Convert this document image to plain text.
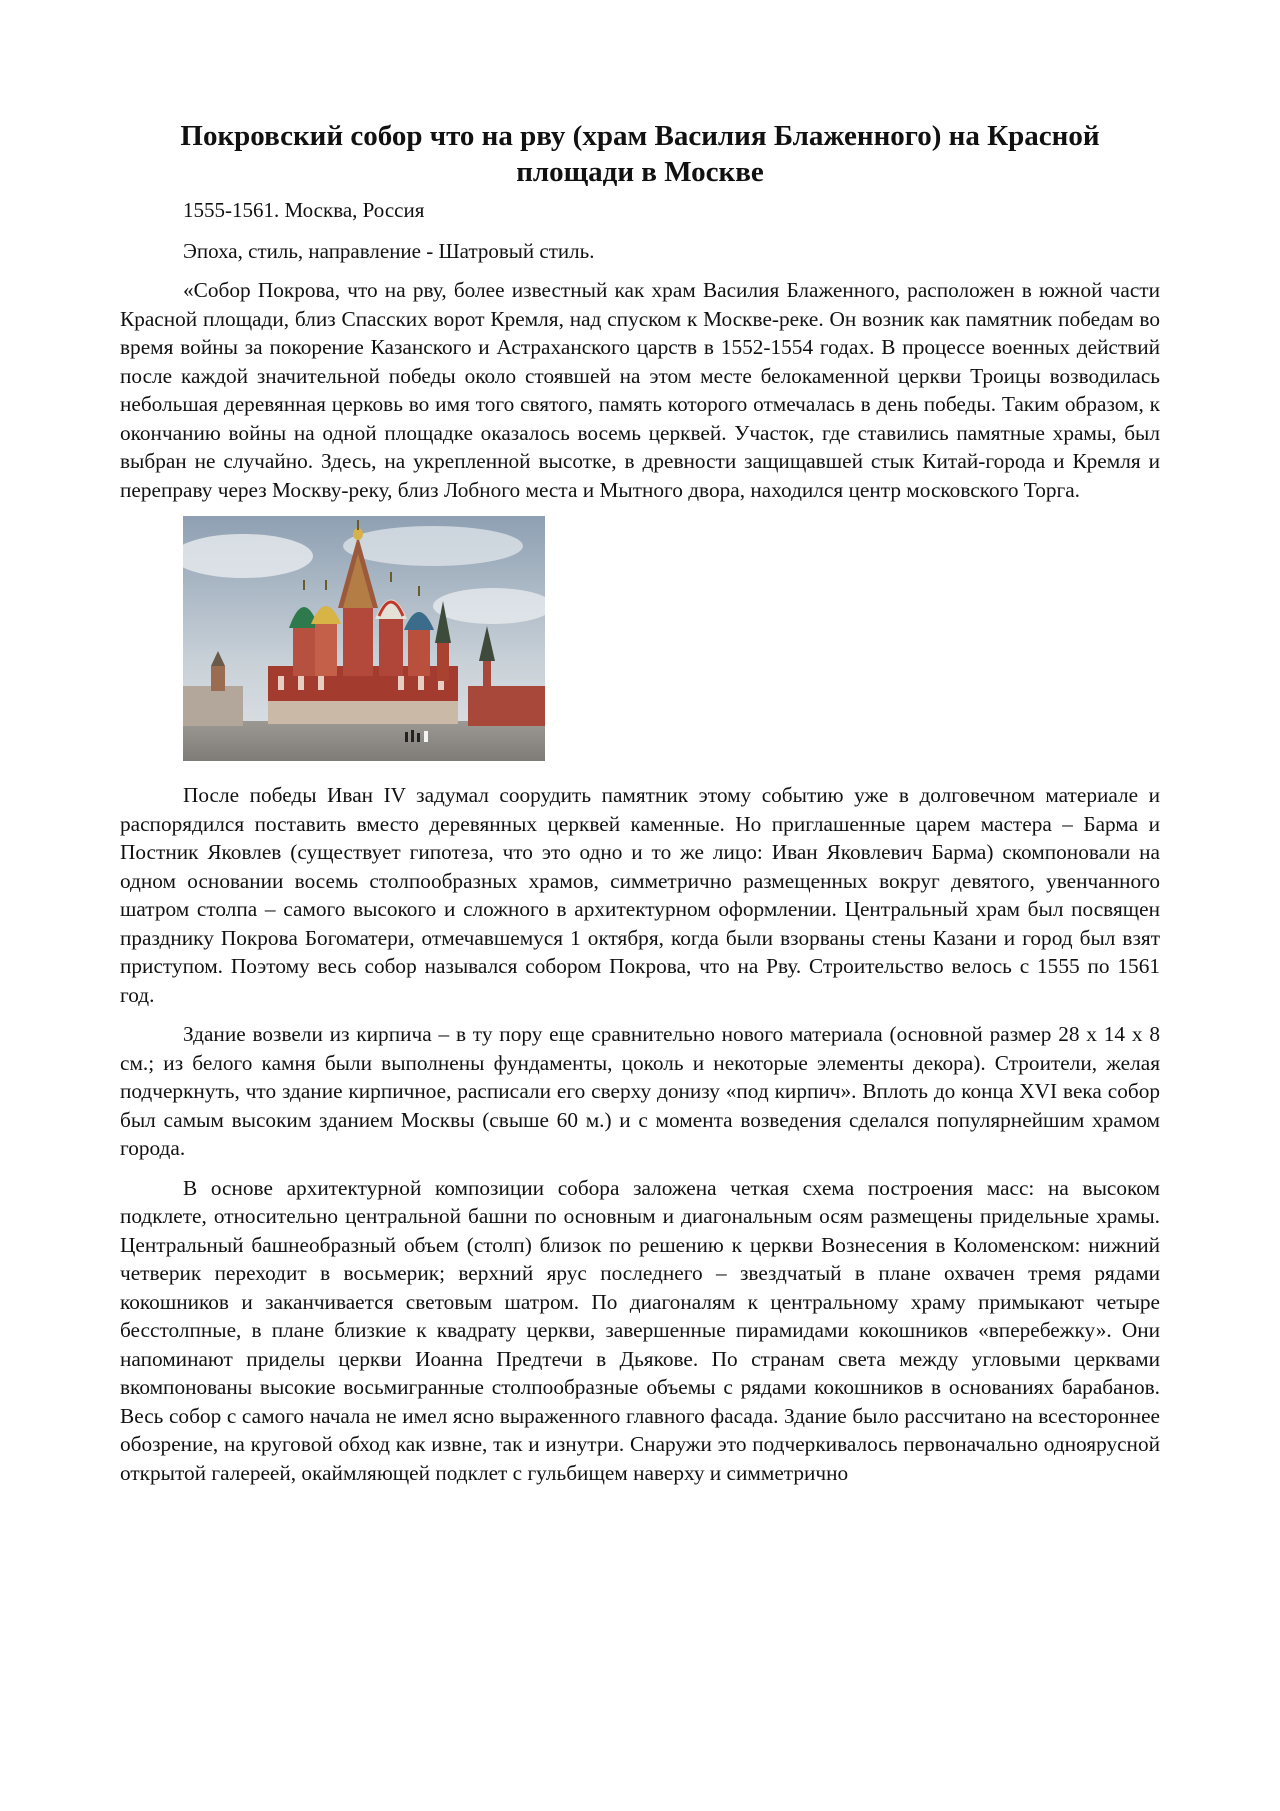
Покровский собор что на рву (храм Василия Блаженного) на Красной площади в Москве

1555-1561. Москва, Россия

Эпоха, стиль, направление - Шатровый стиль.

«Собор Покрова, что на рву, более известный как храм Василия Блаженного, расположен в южной части Красной площади, близ Спасских ворот Кремля, над спуском к Москве-реке. Он возник как памятник победам во время войны за покорение Казанского и Астраханского царств в 1552-1554 годах. В процессе военных действий после каждой значительной победы около стоявшей на этом месте белокаменной церкви Троицы возводилась небольшая деревянная церковь во имя того святого, память которого отмечалась в день победы. Таким образом, к окончанию войны на одной площадке оказалось восемь церквей. Участок, где ставились памятные храмы, был выбран не случайно. Здесь, на укрепленной высотке, в древности защищавшей стык Китай-города и Кремля и переправу через Москву-реку, близ Лобного места и Мытного двора, находился центр московского Торга.

После победы Иван IV задумал соорудить памятник этому событию уже в долговечном материале и распорядился поставить вместо деревянных церквей каменные. Но приглашенные царем мастера – Барма и Постник Яковлев (существует гипотеза, что это одно и то же лицо: Иван Яковлевич Барма) скомпоновали на одном основании восемь столпообразных храмов, симметрично размещенных вокруг девятого, увенчанного шатром столпа – самого высокого и сложного в архитектурном оформлении. Центральный храм был посвящен празднику Покрова Богоматери, отмечавшемуся 1 октября, когда были взорваны стены Казани и город был взят приступом. Поэтому весь собор назывался собором Покрова, что на Рву. Строительство велось с 1555 по 1561 год.

Здание возвели из кирпича – в ту пору еще сравнительно нового материала (основной размер 28 х 14 х 8 см.; из белого камня были выполнены фундаменты, цоколь и некоторые элементы декора). Строители, желая подчеркнуть, что здание кирпичное, расписали его сверху донизу «под кирпич». Вплоть до конца XVI века собор был самым высоким зданием Москвы (свыше 60 м.) и с момента возведения сделался популярнейшим храмом города.

В основе архитектурной композиции собора заложена четкая схема построения масс: на высоком подклете, относительно центральной башни по основным и диагональным осям размещены придельные храмы. Центральный башнеобразный объем (столп) близок по решению к церкви Вознесения в Коломенском: нижний четверик переходит в восьмерик; верхний ярус последнего – звездчатый в плане охвачен тремя рядами кокошников и заканчивается световым шатром. По диагоналям к центральному храму примыкают четыре бесстолпные, в плане близкие к квадрату церкви, завершенные пирамидами кокошников «вперебежку». Они напоминают приделы церкви Иоанна Предтечи в Дьякове. По странам света между угловыми церквами вкомпонованы высокие восьмигранные столпообразные объемы с рядами кокошников в основаниях барабанов. Весь собор с самого начала не имел ясно выраженного главного фасада. Здание было рассчитано на всестороннее обозрение, на круговой обход как извне, так и изнутри. Снаружи это подчеркивалось первоначально одноярусной открытой галереей, окаймляющей подклет с гульбищем наверху и симметрично
